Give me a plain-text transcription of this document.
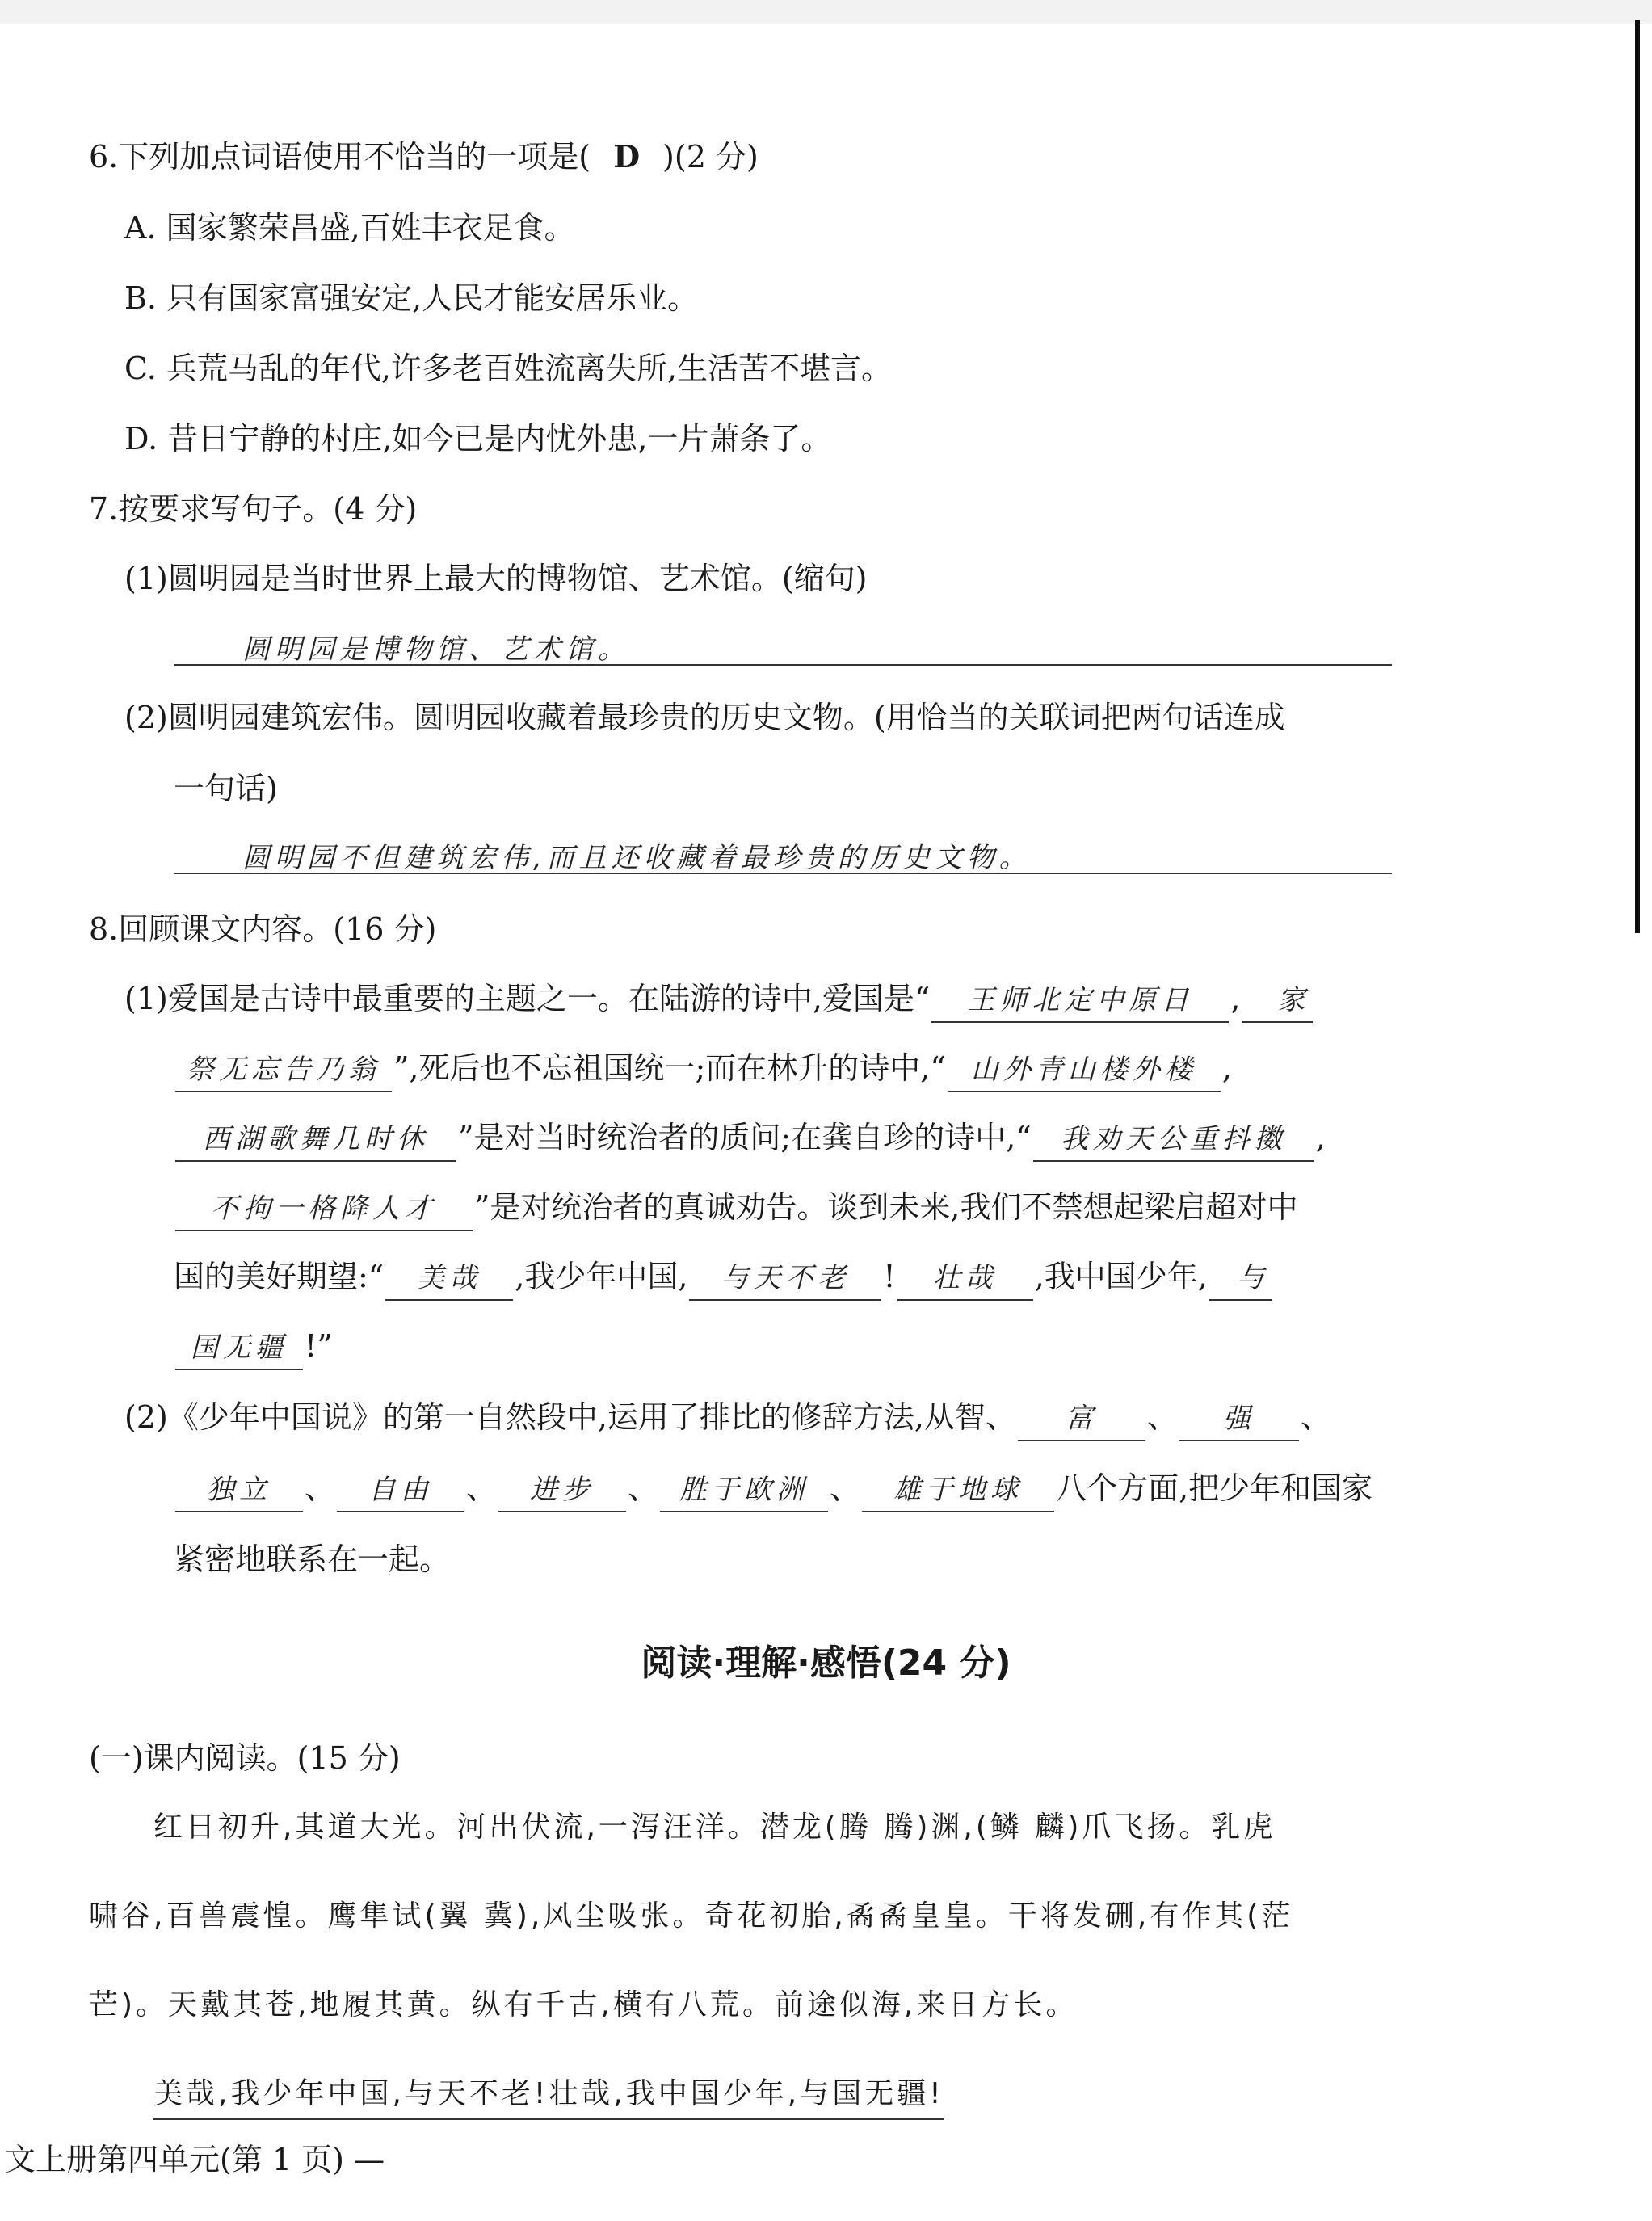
6.下列加点词语使用不恰当的一项是( D )(2 分)
A. 国家繁荣昌盛,百姓丰衣足食。
B. 只有国家富强安定,人民才能安居乐业。
C. 兵荒马乱的年代,许多老百姓流离失所,生活苦不堪言。
D. 昔日宁静的村庄,如今已是内忧外患,一片萧条了。
7.按要求写句子。(4 分)
(1)圆明园是当时世界上最大的博物馆、艺术馆。(缩句)
圆明园是博物馆、艺术馆。
(2)圆明园建筑宏伟。圆明园收藏着最珍贵的历史文物。(用恰当的关联词把两句话连成
一句话)
圆明园不但建筑宏伟,而且还收藏着最珍贵的历史文物。
8.回顾课文内容。(16 分)
(1)爱国是古诗中最重要的主题之一。在陆游的诗中,爱国是“ 王师北定中原日 , 家
祭无忘告乃翁 ”,死后也不忘祖国统一;而在林升的诗中,“ 山外青山楼外楼 ,
西湖歌舞几时休 ”是对当时统治者的质问;在龚自珍的诗中,“ 我劝天公重抖擞 ,
不拘一格降人才 ”是对统治者的真诚劝告。谈到未来,我们不禁想起梁启超对中
国的美好期望:“ 美哉 ,我少年中国, 与天不老 ! 壮哉 ,我中国少年, 与
国无疆 !”
(2)《少年中国说》的第一自然段中,运用了排比的修辞方法,从智、 富 、 强 、
独立 、 自由 、 进步 、 胜于欧洲 、 雄于地球 八个方面,把少年和国家
紧密地联系在一起。
阅读·理解·感悟(24 分)
(一)课内阅读。(15 分)
红日初升,其道大光。河出伏流,一泻汪洋。潜龙(腾 腾)渊,(鳞 麟)爪飞扬。乳虎
啸谷,百兽震惶。鹰隼试(翼 冀),风尘吸张。奇花初胎,矞矞皇皇。干将发硎,有作其(茫
芒)。天戴其苍,地履其黄。纵有千古,横有八荒。前途似海,来日方长。
美哉,我少年中国,与天不老!壮哉,我中国少年,与国无疆!
文上册第四单元(第 1 页) —
